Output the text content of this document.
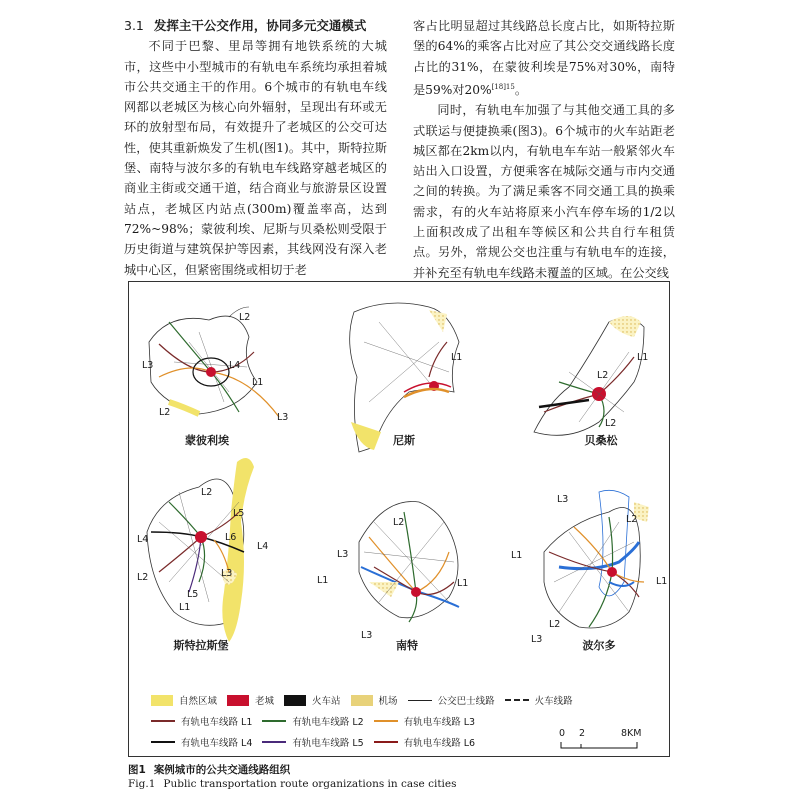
3.1 发挥主干公交作用，协同多元交通模式

不同于巴黎、里昂等拥有地铁系统的大城市，这些中小型城市的有轨电车系统均承担着城市公共交通主干的作用。6个城市的有轨电车线网都以老城区为核心向外辐射，呈现出有环或无环的放射型布局，有效提升了老城区的公交可达性，使其重新焕发了生机(图1)。其中，斯特拉斯堡、南特与波尔多的有轨电车线路穿越老城区的商业主街或交通干道，结合商业与旅游景区设置站点，老城区内站点(300m)覆盖率高，达到72%~98%；蒙彼利埃、尼斯与贝桑松则受限于历史街道与建筑保护等因素，其线网没有深入老城中心区，但紧密围绕或相切于老

客占比明显超过其线路总长度占比，如斯特拉斯堡的64%的乘客占比对应了其公交交通线路长度占比的31%，在蒙彼利埃是75%对30%，南特是59%对20%$^{[18]15}$。

同时，有轨电车加强了与其他交通工具的多式联运与便捷换乘(图3)。6个城市的火车站距老城区都在2km以内，有轨电车车站一般紧邻火车站出入口设置，方便乘客在城际交通与市内交通之间的转换。为了满足乘客不同交通工具的换乘需求，有的火车站将原来小汽车停车场的1/2以上面积改成了出租车等候区和公共自行车租赁点。另外，常规公交也注重与有轨电车的连接，并补充至有轨电车线路未覆盖的区域。在公交线

蒙彼利埃	尼斯	贝桑松
斯特拉斯堡	南特	波尔多
L2
L3	L4
L1
L2	L3
L1	L1
L2
L2
L2
L5
L4	L6
L4
L2	L3
L5
L1
L2
L3
L1	L1
L3
L3
L2
L1
L1
L2
L3
自然区域	老城	火车站	机场	公交巴士线路	火车线路
有轨电车线路 L1	有轨电车线路 L2	有轨电车线路 L3
有轨电车线路 L4	有轨电车线路 L5	有轨电车线路 L6
0 2	8KM
图1 案例城市的公共交通线路组织
Fig.1 Public transportation route organizations in case cities
